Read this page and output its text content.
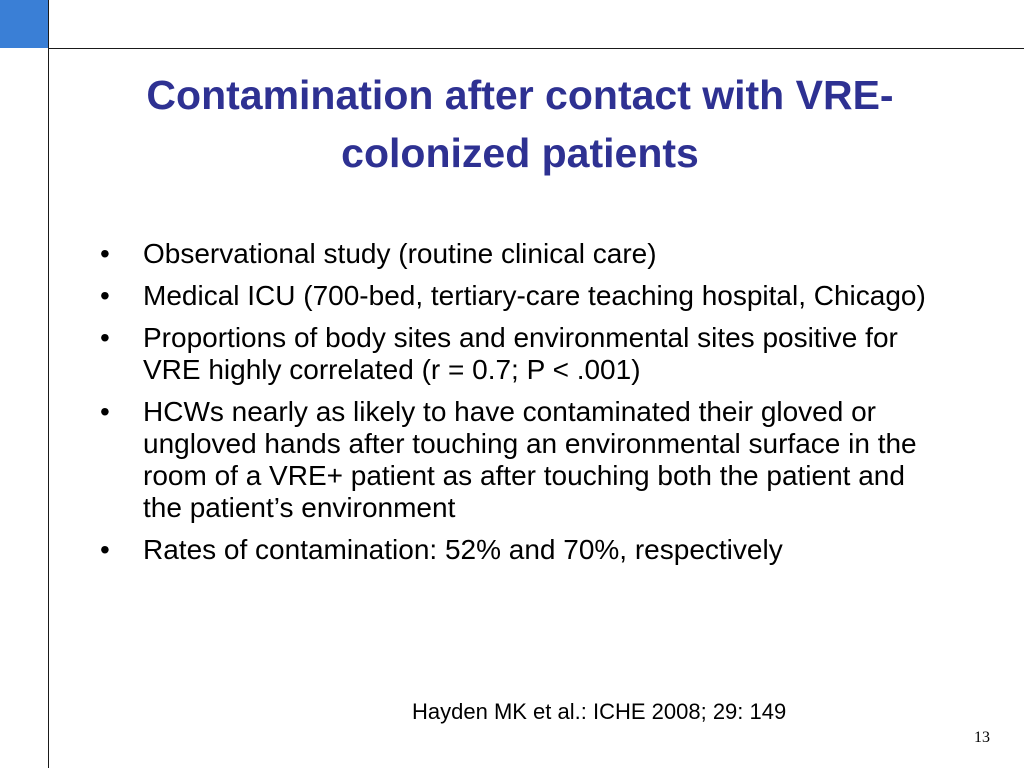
Contamination after contact with VRE-
colonized patients
• Observational study (routine clinical care)
• Medical ICU (700-bed, tertiary-care teaching hospital, Chicago)
• Proportions of body sites and environmental sites positive for VRE highly correlated (r = 0.7; P < .001)
• HCWs nearly as likely to have contaminated their gloved or ungloved hands after touching an environmental surface in the room of a VRE+ patient as after touching both the patient and the patient’s environment
• Rates of contamination: 52% and 70%, respectively
Hayden MK et al.: ICHE 2008; 29: 149
13
